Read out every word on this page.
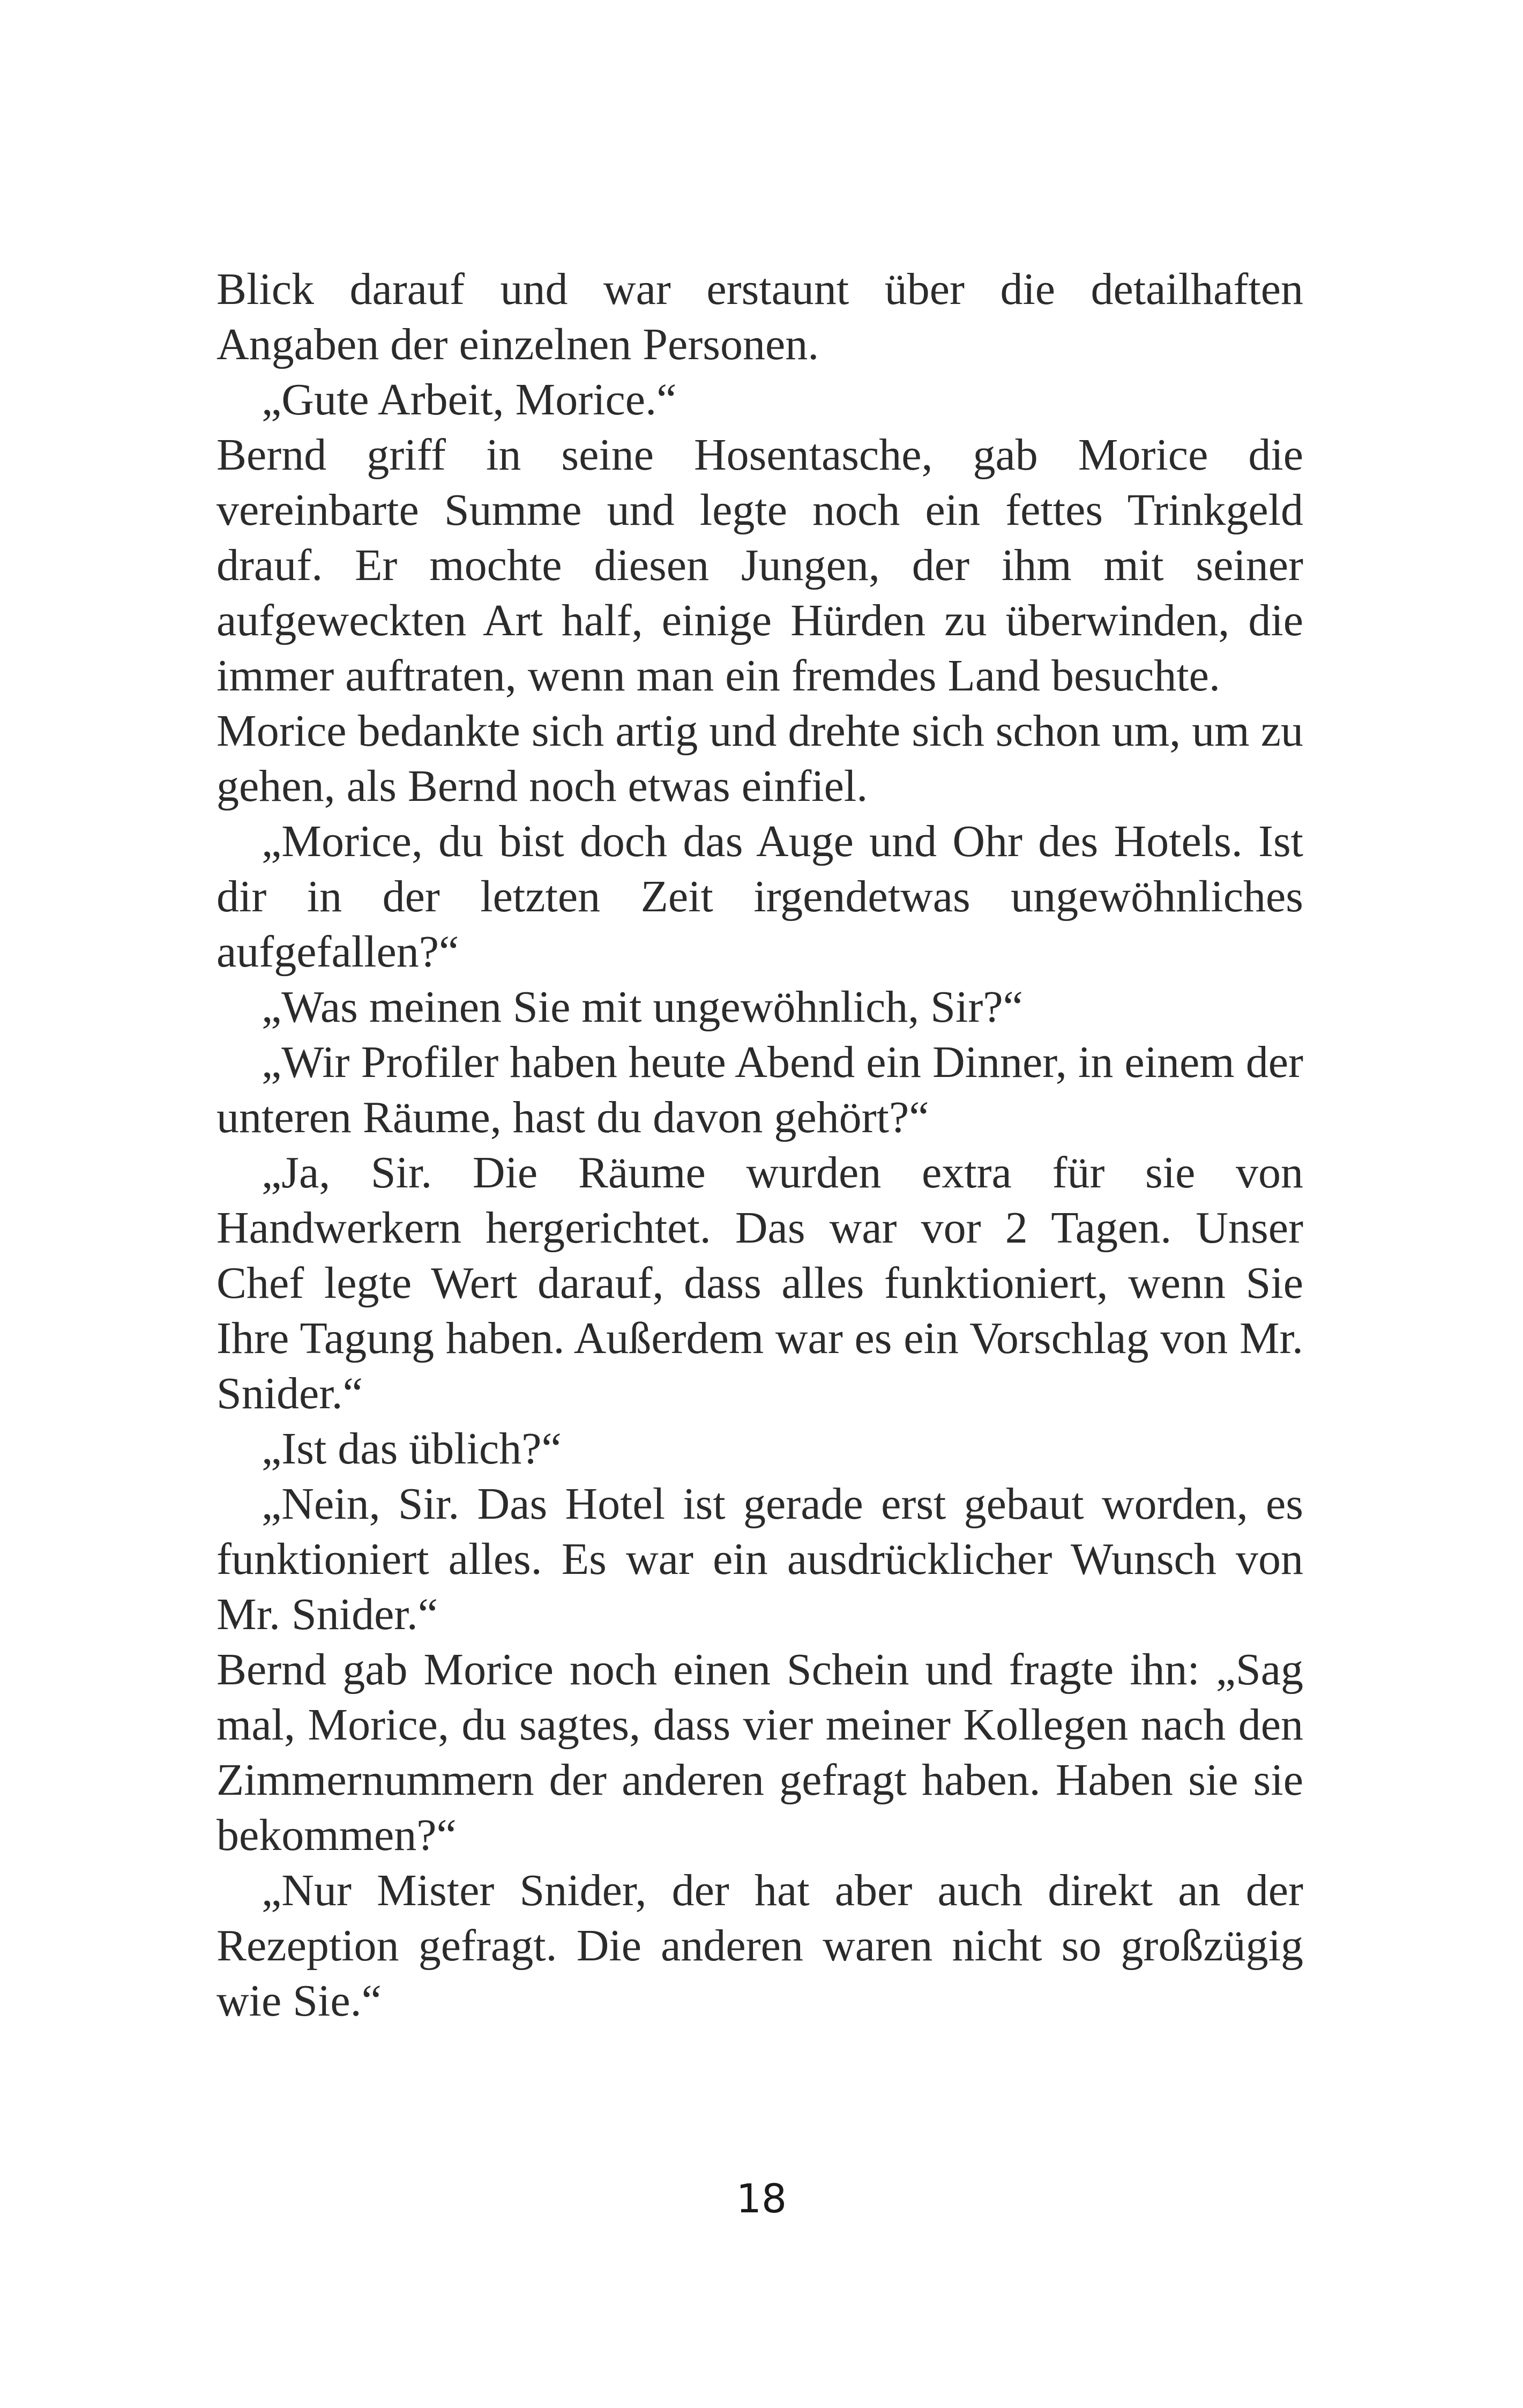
Blick darauf und war erstaunt über die detailhaften Angaben der einzelnen Personen.

„Gute Arbeit, Morice.“

Bernd griff in seine Hosentasche, gab Morice die vereinbarte Summe und legte noch ein fettes Trinkgeld drauf. Er mochte diesen Jungen, der ihm mit seiner aufgeweckten Art half, einige Hürden zu überwinden, die immer auftraten, wenn man ein fremdes Land besuchte.

Morice bedankte sich artig und drehte sich schon um, um zu gehen, als Bernd noch etwas einfiel.

„Morice, du bist doch das Auge und Ohr des Hotels. Ist dir in der letzten Zeit irgendetwas ungewöhnliches aufgefallen?“

„Was meinen Sie mit ungewöhnlich, Sir?“

„Wir Profiler haben heute Abend ein Dinner, in einem der unteren Räume, hast du davon gehört?“

„Ja, Sir. Die Räume wurden extra für sie von Handwerkern hergerichtet. Das war vor 2 Tagen. Unser Chef legte Wert darauf, dass alles funktioniert, wenn Sie Ihre Tagung haben. Außerdem war es ein Vorschlag von Mr. Snider.“

„Ist das üblich?“

„Nein, Sir. Das Hotel ist gerade erst gebaut worden, es funktioniert alles. Es war ein ausdrücklicher Wunsch von Mr. Snider.“

Bernd gab Morice noch einen Schein und fragte ihn: „Sag mal, Morice, du sagtes, dass vier meiner Kollegen nach den Zimmernummern der anderen gefragt haben. Haben sie sie bekommen?“

„Nur Mister Snider, der hat aber auch direkt an der Rezeption gefragt. Die anderen waren nicht so großzügig wie Sie.“

18
